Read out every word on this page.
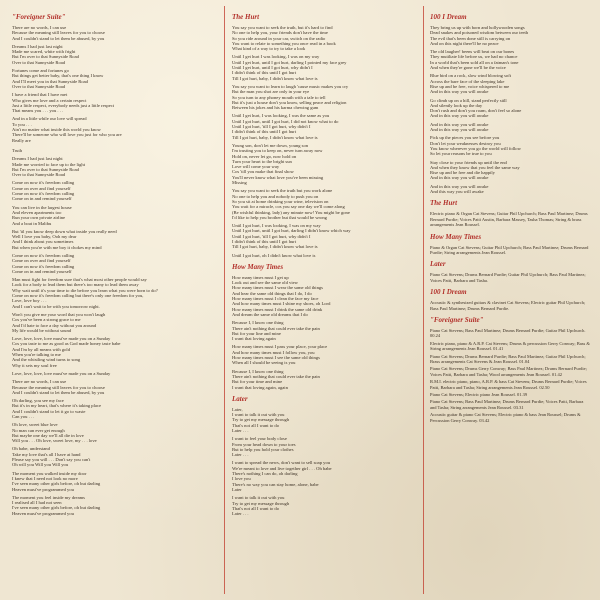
"Foreigner Suite"
There are no words, I can use
Because the meaning still leaves for you to choose
And I couldn't stand to let them be abused, by you
Dreams I had just last night
Made me scared, white with fright
But I'm over to that Sunnyside Road
Over to that Sunnyside Road
Fortunes come and fortunes go
But things get better baby, that's one thing I know
And I'll meet you in that Sunnyside Road
Over to that Sunnyside Road
I have a friend that I have met
Who gives me love and a certain respect
Just a little respect, everybody needs just a little respect
That means you . . . you . . .
And in a little while our love will spread
To you . . .
Ain't no matter what inside this world you know
There'll be someone who will love you just for who you are
Really are
Truth
Dreams I had just last night
Made me worried to face up to the light
But I'm over to that Sunnyside Road
Over to that Sunnyside Road
Come on now it's freedom calling
Come on over and find yourself
Come on now it's freedom calling
Come on in and remind yourself
You can live in the largest house
And eleven apartments too
Run your own private airline
And a boat in Malibu
But 'til you know deep down what inside you really need
Well I love you baby, Ooh my dear
And I think about you sometimes
But when you're with me boy it chokes my mind
Come on now it's freedom calling
Come on over and find yourself
Come on now it's freedom calling
Come on in and remind yourself
Man must fight for freedom sure that's what most other people would say
Look for a body to lead them but there's too many to lead them away
Why wait until it's your time to die before you learn what you were born to do?
Come on now it's freedom calling but there's only one freedom for you,
Love, love boy . . .
And I can't wait to be with you tomorrow night.
Won't you give me your word that you won't laugh
Cos you've been a strong grace to me
And I'd hate to face a day without you around
My life would be without sound
Love, love, love, love must've made you on a Sunday
Cos you taste to me as good as God made honey taste babe
And I'm by all means with gold
When you're talking to me
And the whistling wind turns to song
Why it sets my soul free
Love, love, love, love must've made you on a Sunday
There are no words, I can use
Because the meaning still leaves for you to choose
And I couldn't stand to let them be abused, by you
Oh darling, you see my face
But it's in my heart, that's where it's taking place
And I couldn't stand to let it go to waste
Can you . . .
Oh love, sweet blue love
No man can ever get enough
But maybe one day we'll all die in love
Will you . . . Oh love, sweet love, my . . . love
Oh babe, understand
Take my love that's all I have at hand
Please say you will . . . Don't say you can't
Oh will you Will you Will you
The moment you walked inside my door
I knew that I need not look no more
I've seen many other girls before, oh but darling
Heaven must've programmed you
The moment you feel inside my dreams
I realised all I had not seen
I've seen many other girls before, oh but darling
Heaven must've programmed you
The Hurt
You say you want to seek the truth, but it's hard to find
No one to help you, your friends don't have the time
So you ride around in your car, switch on the radio
You want to relate to something you once read in a book
What kind of a way to try to take a look
Until I get hurt I was looking, I was on my way
Until I get hurt, until I got hurt, darling I pointed my face grey
Until I get hurt, until I got hurt, why didn't I
I didn't think of this until I got hurt
Till I got hurt, baby, I didn't know what love is
You say you want to learn to laugh 'cause music makes you cry
But the man you shot are only in your eye
So you turn to any phoney mouth with a tale to tell
But it's just a house don't you know, selling peace and religion
Between his jokes and his karma chewing gum
Until I get hurt, I was looking, I was the same as you
Until I got hurt, until I got hurt, I did not know what to do
Until I got hurt, 'till I got hurt, why didn't I
I didn't think of this until I got hurt
Till I got hurt, baby, I didn't know what love is
Young son, don't let me down, young son
I'm trusting you to keep on, never turn away now
Hold on, never let go, now hold on
Turn your heart to the bright sun
Love will come your way
Cos 'till you make that final show
You'll never know what love you've been missing
Missing
You say you want to seek the truth but you work alone
No one to help you and nobody to push you on
So you sit at home drinking your wine, television on
You wait for a miracle, cos you say one day we'll come along
(Be wishful thinking, lady) any minute now! You might be gone
I'd like to help you brother but that would be wrong
Until I got hurt, I was looking, I was on my way
Until I got hurt, until I got hurt, darling I didn't know which way
Until I got hurt, 'till I got hurt, why didn't I
I didn't think of this until I got hurt
Till I got hurt, baby, I didn't know what love is
Until I got hurt, oh I didn't know what love is
How Many Times
How many times must I get up
Look out and see the same old view
How many times must I wear the same old things
And hear the same old things that I do, I do
How many times must I clean the face my face
And how many times must I shine my shoes, oh Lord
How many times must I drink the same old drink
And dream the same old dreams that I do
Because I, I know one thing
There ain't nothing that could ever take the pain
But for your line and mine
I want that loving again
How many times must I pass your place, your place
And how many times must I follow you, you
How many times must I see the same old things
When all I should be seeing is you
Because I, I know one thing
There ain't nothing that could ever take the pain
But for your time and mine
I want that loving again, again
Later
Later,
I want to talk it out with you
Try to get my message through
That's not all I want to do
Later . . .
I want to feel your body close
From your head down to your toes
But to help you hold your clothes
Later . . .
I want to spread the news, don't want to sell soap you
We're meant to love and live together girl . . . Oh babe
There's nothing I can do, oh darling
I love you
There's no way you can stay home, alone, babe
Later
I want to talk it out with you
Try to get my message through
That's not all I want to do
Later . . .
100 I Dream
They bring us up with born and hollywooden songs
Dead snakes and poisoned wisdom between our teeth
The evil that's been done still is carrying on
And on this night there'll be no peace
The old laugher! beens will beat on our bones
They mutiliate life before us, we had no chance
In a world that's been sold all on a fatman's tone
And when they're gone we'll be the voice
Blue bird on a rock, slow wind blowing soft
Across the bare face of the sleeping lake
Rise up and be free, voice whispered to me
And in this way you will awake
Go climb up on a hill, stand perfectly still
And silently look up the day
Don't rush and don't you roam, don't feel so alone
And in this way you will awake
And in this way you will awake
And in this way you will awake
Pick up the pieces you see before you
Don't let your weaknesses destroy you
You know wherever you go the world will follow
So let your reasons be true to you
Stay close to your friends up until the end
And when they know that you feel the same way
Rise up and be free and die happily
And in this way you will awake
And in this way you will awake
And this way you will awake
The Hurt
Electric piano & Organ Cat Stevens; Guitar Phil Upchurch; Bass Paul Martinez; Drums Bernard Purdie; Voices Patti Austin, Barbara Massey, Tasha Thomas; String & brass arrangements Jean Roussel.
How Many Times
Piano & Organ Cat Stevens; Guitar Phil Upchurch; Bass Paul Martinez; Drums Bernard Purdie; String arrangements Jean Roussel.
Later
Piano Cat Stevens; Drums Bernard Purdie; Guitar Phil Upchurch; Bass Paul Martinez; Voices Patti, Barbara and Tasha.
100 I Dream
Acoustic & synthesized guitars & clavinet Cat Stevens; Electric guitar Phil Upchurch; Bass Paul Martinez; Drums Bernard Purdie.
"Foreigner Suite"
Piano Cat Stevens; Bass Paul Martinez; Drums Bernard Purdie; Guitar Phil Upchurch. 00.24
Electric piano, piano & A.R.P. Cat Stevens; Drums & percussion Gerry Conway; Bass & String arrangements Jean Roussel. 01.41
Piano Cat Stevens; Drums Bernard Purdie; Bass Paul Martinez; Guitar Phil Upchurch; Brass arrangements Cat Stevens & Jean Roussel. 01.04
Piano Cat Stevens; Drums Gerry Conway; Bass Paul Martinez; Drums Bernard Purdie; Voices Patti, Barbara and Tasha; Wood arrangements Jean Roussel. 01.42
R.M.I. electric piano, piano, A.R.P. & bass Cat Stevens; Drums Bernard Purdie; Voices Patti, Barbara and Tasha; String arrangements Jean Roussel. 02.50
Piano Cat Stevens; Electric piano Jean Roussel. 01.39
Piano Cat Stevens; Bass Paul Martinez; Drums Bernard Purdie; Voices Patti, Barbara and Tasha; String arrangements Jean Roussel. 03.31
Acoustic guitar & piano Cat Stevens; Electric piano & bass Jean Roussel; Drums & Percussion Gerry Conway. 03.42
